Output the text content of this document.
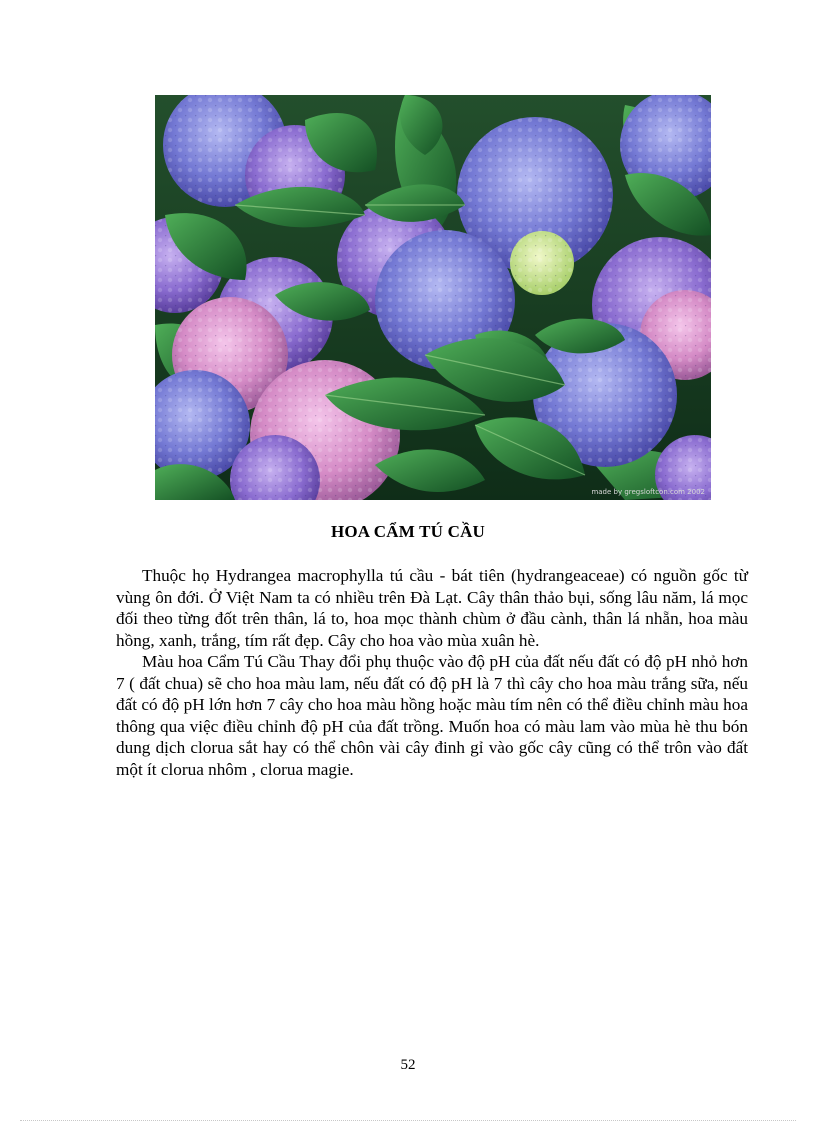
made by gregsloftcon.com 2002
HOA CẨM TÚ CẦU

Thuộc họ Hydrangea macrophylla tú cầu - bát tiên (hydrangeaceae) có nguồn gốc từ vùng ôn đới. Ở Việt Nam ta có nhiều trên Đà Lạt. Cây thân thảo bụi, sống lâu năm, lá mọc đối theo từng đốt trên thân, lá to, hoa mọc thành chùm ở đầu cành, thân lá nhẵn, hoa màu hồng, xanh, trắng, tím rất đẹp. Cây cho hoa vào mùa xuân hè.

Màu hoa Cẩm Tú Cầu Thay đổi phụ thuộc vào độ pH của đất nếu đất có độ pH nhỏ hơn 7 ( đất chua) sẽ cho hoa màu lam, nếu đất có độ pH là 7 thì cây cho hoa màu trắng sữa, nếu đất có độ pH lớn hơn 7 cây cho hoa màu hồng hoặc màu tím nên có thể điều chỉnh màu hoa thông qua việc điều chỉnh độ pH của đất trồng. Muốn hoa có màu lam vào mùa hè thu bón dung dịch clorua sắt hay có thể chôn vài cây đinh gỉ vào gốc cây cũng có thể trôn vào đất một ít clorua nhôm , clorua magie.

52
